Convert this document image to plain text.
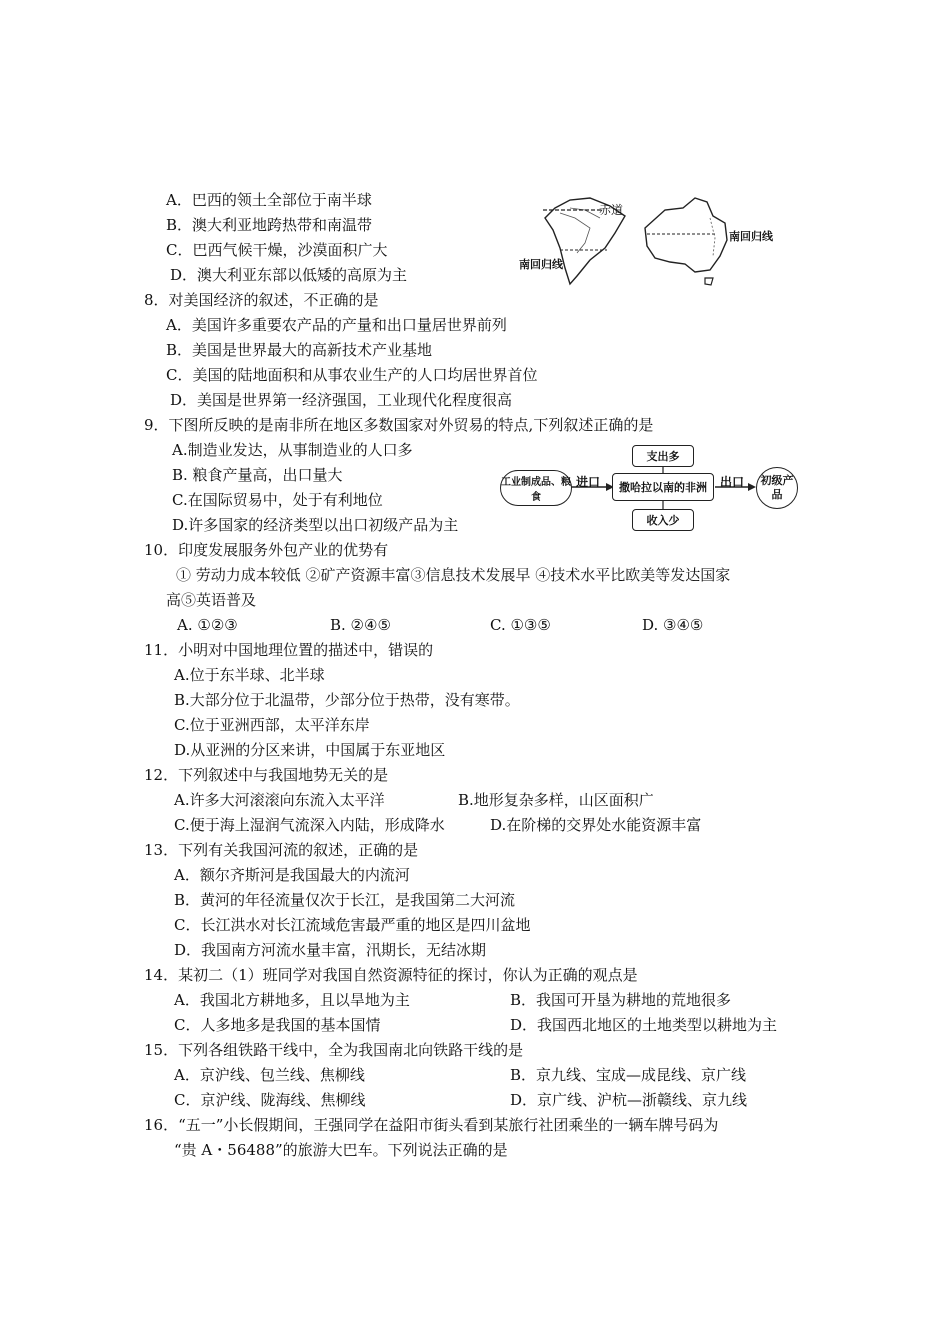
A．巴西的领土全部位于南半球
B．澳大利亚地跨热带和南温带
C．巴西气候干燥，沙漠面积广大
D．澳大利亚东部以低矮的高原为主
赤道
南回归线
南回归线
8．对美国经济的叙述，不正确的是
A．美国许多重要农产品的产量和出口量居世界前列
B．美国是世界最大的高新技术产业基地
C．美国的陆地面积和从事农业生产的人口均居世界首位
D．美国是世界第一经济强国，工业现代化程度很高
9．下图所反映的是南非所在地区多数国家对外贸易的特点,下列叙述正确的是
A.制造业发达，从事制造业的人口多
B. 粮食产量高，出口量大
C.在国际贸易中，处于有利地位
D.许多国家的经济类型以出口初级产品为主
工业制成品、粮食
进口	撒哈拉以南的非洲	出口	初级产品
支出多
收入少
10．印度发展服务外包产业的优势有
① 劳动力成本较低 ②矿产资源丰富③信息技术发展早 ④技术水平比欧美等发达国家
高⑤英语普及
A. ①②③	B. ②④⑤	C. ①③⑤	D. ③④⑤
11．小明对中国地理位置的描述中，错误的
A.位于东半球、北半球
B.大部分位于北温带，少部分位于热带，没有寒带。
C.位于亚洲西部，太平洋东岸
D.从亚洲的分区来讲，中国属于东亚地区
12．下列叙述中与我国地势无关的是
A.许多大河滚滚向东流入太平洋	B.地形复杂多样，山区面积广
C.便于海上湿润气流深入内陆，形成降水	D.在阶梯的交界处水能资源丰富
13．下列有关我国河流的叙述，正确的是
A．额尔齐斯河是我国最大的内流河
B．黄河的年径流量仅次于长江，是我国第二大河流
C．长江洪水对长江流域危害最严重的地区是四川盆地
D．我国南方河流水量丰富，汛期长，无结冰期
14．某初二（1）班同学对我国自然资源特征的探讨，你认为正确的观点是
A．我国北方耕地多，且以旱地为主	B．我国可开垦为耕地的荒地很多
C．人多地多是我国的基本国情	D．我国西北地区的土地类型以耕地为主
15．下列各组铁路干线中，全为我国南北向铁路干线的是
A．京沪线、包兰线、焦柳线	B．京九线、宝成—成昆线、京广线
C．京沪线、陇海线、焦柳线	D．京广线、沪杭—浙赣线、京九线
16．“五一”小长假期间，王强同学在益阳市街头看到某旅行社团乘坐的一辆车牌号码为
“贵 A・56488”的旅游大巴车。下列说法正确的是
